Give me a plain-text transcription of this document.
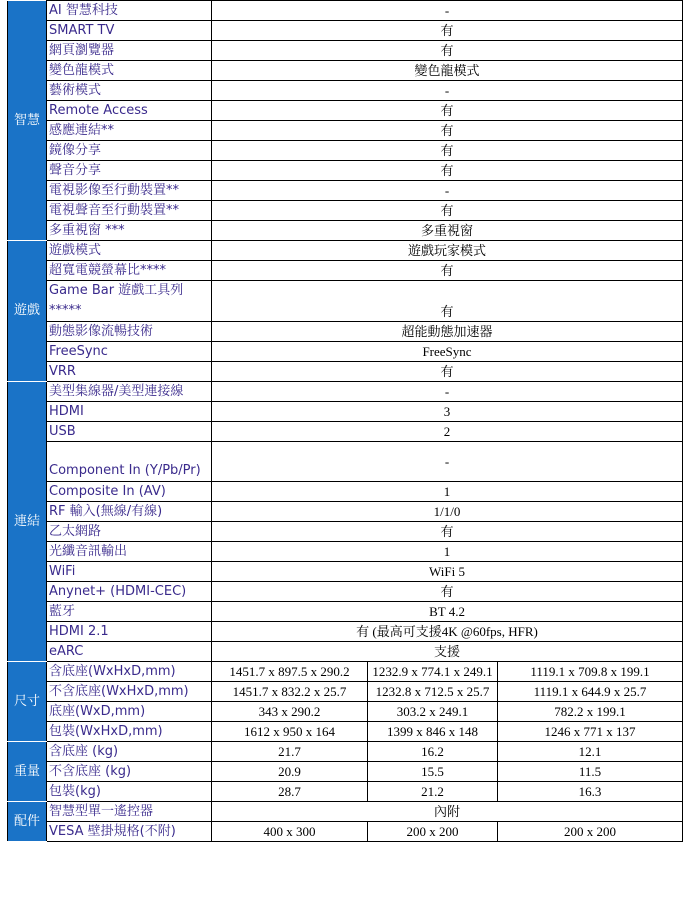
智慧	AI 智慧科技	-		
	SMART TV	有		
	網頁瀏覽器	有		
	變色龍模式	變色龍模式		
	藝術模式	-		
	Remote Access	有		
	感應連結**	有		
	鏡像分享	有		
	聲音分享	有		
	電視影像至行動裝置**	-		
	電視聲音至行動裝置**	有		
	多重視窗 ***	多重視窗		
遊戲	遊戲模式	遊戲玩家模式		
	超寬電競螢幕比****	有		
	Game Bar 遊戲工具列 *****	有		
	動態影像流暢技術	超能動態加速器		
	FreeSync	FreeSync		
	VRR	有		
連結	美型集線器/美型連接線	-		
	HDMI	3		
	USB	2		
	Component In (Y/Pb/Pr)	-		
	Composite In (AV)	1		
	RF 輸入(無線/有線)	1/1/0		
	乙太網路	有		
	光纖音訊輸出	1		
	WiFi	WiFi 5		
	Anynet+ (HDMI-CEC)	有		
	藍牙	BT 4.2		
	HDMI 2.1	有 (最高可支援4K @60fps, HFR)		
	eARC	支援		
尺寸	含底座(WxHxD,mm)	1451.7 x 897.5 x 290.2	1232.9 x 774.1 x 249.1	1119.1 x 709.8 x 199.1
	不含底座(WxHxD,mm)	1451.7 x 832.2 x 25.7	1232.8 x 712.5 x 25.7	1119.1 x 644.9 x 25.7
	底座(WxD,mm)	343 x 290.2	303.2 x 249.1	782.2 x 199.1
	包裝(WxHxD,mm)	1612 x 950 x 164	1399 x 846 x 148	1246 x 771 x 137
重量	含底座 (kg)	21.7	16.2	12.1
	不含底座 (kg)	20.9	15.5	11.5
	包裝(kg)	28.7	21.2	16.3
配件	智慧型單一遙控器	內附		
	VESA 壁掛規格(不附)	400 x 300	200 x 200	200 x 200
